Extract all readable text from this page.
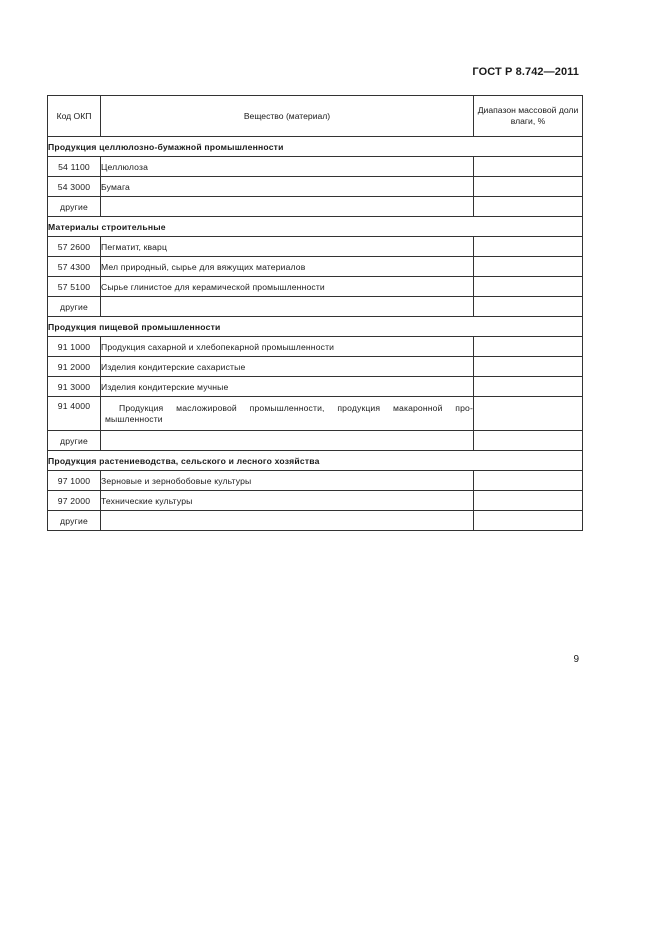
ГОСТ Р 8.742—2011
Код ОКП	Вещество (материал)	Диапазон массовой доли влаги, %
Продукция целлюлозно-бумажной промышленности		
54 1100	Целлюлоза	
54 3000	Бумага	
другие		
Материалы строительные		
57 2600	Пегматит, кварц	
57 4300	Мел природный, сырье для вяжущих материалов	
57 5100	Сырье глинистое для керамической промышленности	
другие		
Продукция пищевой промышленности		
91 1000	Продукция сахарной и хлебопекарной промышленности	
91 2000	Изделия кондитерские сахаристые	
91 3000	Изделия кондитерские мучные	
91 4000	Продукция масложировой промышленности, продукция макаронной про-мышленности	
другие		
Продукция растениеводства, сельского и лесного хозяйства		
97 1000	Зерновые и зернобобовые культуры	
97 2000	Технические культуры	
другие		
9
